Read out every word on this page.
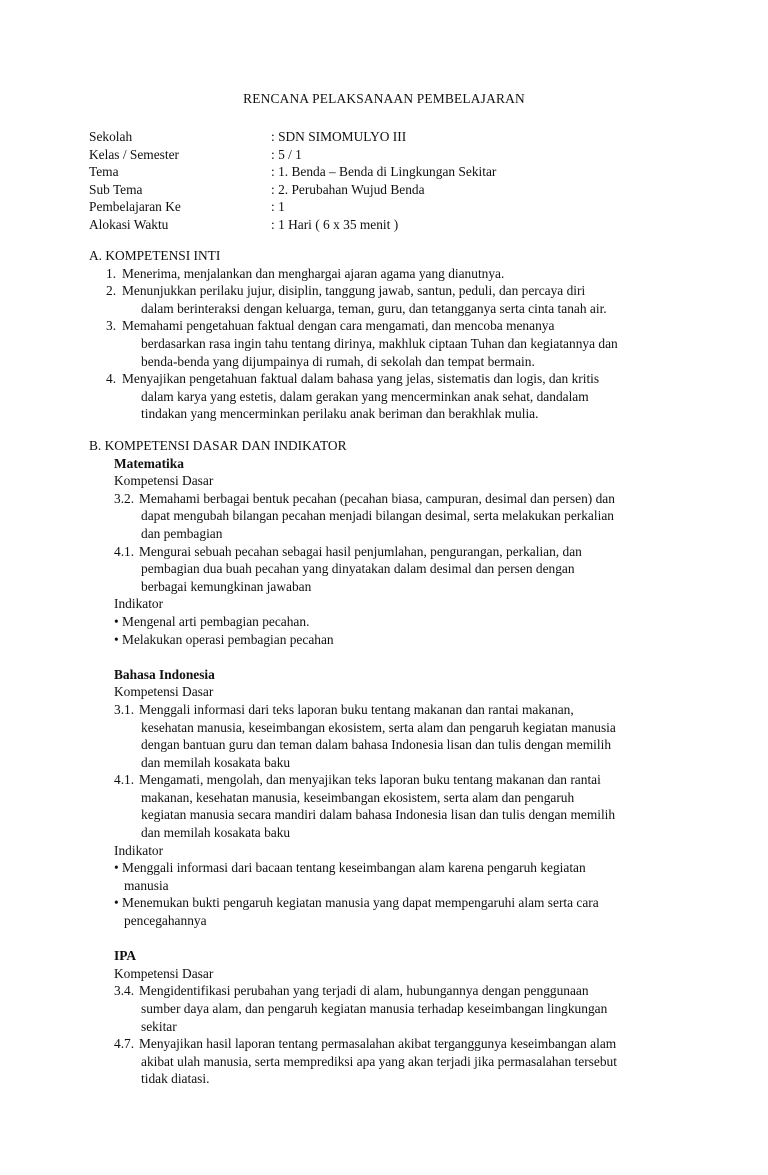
RENCANA PELAKSANAAN PEMBELAJARAN
Sekolah	: SDN SIMOMULYO III
Kelas / Semester	: 5 / 1
Tema	: 1. Benda – Benda di Lingkungan Sekitar
Sub Tema	: 2. Perubahan Wujud Benda
Pembelajaran Ke	: 1
Alokasi Waktu	: 1 Hari ( 6 x 35 menit )
A. KOMPETENSI INTI
1. Menerima, menjalankan dan menghargai ajaran agama yang dianutnya.
2. Menunjukkan perilaku jujur, disiplin, tanggung jawab, santun, peduli, dan percaya diri
dalam berinteraksi dengan keluarga, teman, guru, dan tetangganya serta cinta tanah air.
3. Memahami pengetahuan faktual dengan cara mengamati, dan mencoba menanya
berdasarkan rasa ingin tahu tentang dirinya, makhluk ciptaan Tuhan dan kegiatannya dan
benda-benda yang dijumpainya di rumah, di sekolah dan tempat bermain.
4. Menyajikan pengetahuan faktual dalam bahasa yang jelas, sistematis dan logis, dan kritis
dalam karya yang estetis, dalam gerakan yang mencerminkan anak sehat, dandalam
tindakan yang mencerminkan perilaku anak beriman dan berakhlak mulia.
B. KOMPETENSI DASAR DAN INDIKATOR
Matematika
Kompetensi Dasar
3.2. Memahami berbagai bentuk pecahan (pecahan biasa, campuran, desimal dan persen) dan
dapat mengubah bilangan pecahan menjadi bilangan desimal, serta melakukan perkalian
dan pembagian
4.1. Mengurai sebuah pecahan sebagai hasil penjumlahan, pengurangan, perkalian, dan
pembagian dua buah pecahan yang dinyatakan dalam desimal dan persen dengan
berbagai kemungkinan jawaban
Indikator
• Mengenal arti pembagian pecahan.
• Melakukan operasi pembagian pecahan
Bahasa Indonesia
Kompetensi Dasar
3.1. Menggali informasi dari teks laporan buku tentang makanan dan rantai makanan,
kesehatan manusia, keseimbangan ekosistem, serta alam dan pengaruh kegiatan manusia
dengan bantuan guru dan teman dalam bahasa Indonesia lisan dan tulis dengan memilih
dan memilah kosakata baku
4.1. Mengamati, mengolah, dan menyajikan teks laporan buku tentang makanan dan rantai
makanan, kesehatan manusia, keseimbangan ekosistem, serta alam dan pengaruh
kegiatan manusia secara mandiri dalam bahasa Indonesia lisan dan tulis dengan memilih
dan memilah kosakata baku
Indikator
• Menggali informasi dari bacaan tentang keseimbangan alam karena pengaruh kegiatan
manusia
• Menemukan bukti pengaruh kegiatan manusia yang dapat mempengaruhi alam serta cara
pencegahannya
IPA
Kompetensi Dasar
3.4. Mengidentifikasi perubahan yang terjadi di alam, hubungannya dengan penggunaan
sumber daya alam, dan pengaruh kegiatan manusia terhadap keseimbangan lingkungan
sekitar
4.7. Menyajikan hasil laporan tentang permasalahan akibat terganggunya keseimbangan alam
akibat ulah manusia, serta memprediksi apa yang akan terjadi jika permasalahan tersebut
tidak diatasi.
